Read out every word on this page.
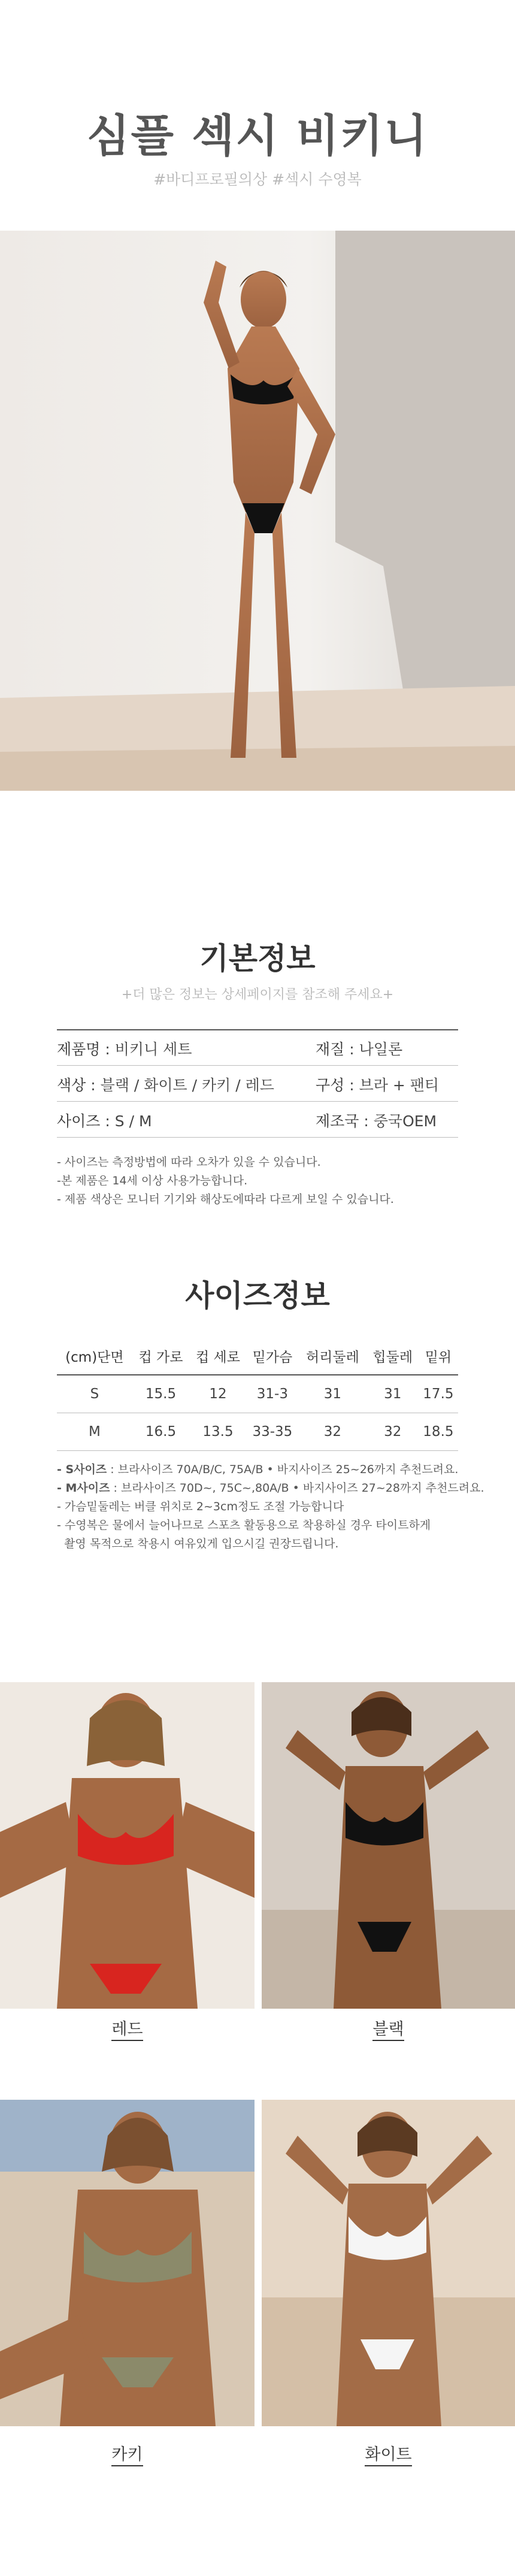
심플 섹시 비키니
#바디프로필의상 #섹시 수영복
기본정보
+더 많은 정보는 상세페이지를 참조해 주세요+
제품명 : 비키니 세트	재질 : 나일론
색상 : 블랙 / 화이트 / 카키 / 레드	구성 : 브라 + 팬티
사이즈 : S / M	제조국 : 중국OEM
- 사이즈는 측정방법에 따라 오차가 있을 수 있습니다.
-본 제품은 14세 이상 사용가능합니다.
- 제품 색상은 모니터 기기와 해상도에따라 다르게 보일 수 있습니다.
사이즈정보
(cm)단면	컵 가로	컵 세로	밑가슴	허리둘레	힙둘레	밑위
S	15.5	12	31-3	31	31	17.5
M	16.5	13.5	33-35	32	32	18.5
- S사이즈 : 브라사이즈 70A/B/C, 75A/B • 바지사이즈 25~26까지 추천드려요.
- M사이즈 : 브라사이즈 70D~, 75C~,80A/B • 바지사이즈 27~28까지 추천드려요.
- 가슴밑둘레는 버클 위치로 2~3cm정도 조절 가능합니다
- 수영복은 물에서 늘어나므로 스포츠 활동용으로 착용하실 경우 타이트하게
촬영 목적으로 착용시 여유있게 입으시길 권장드립니다.
레드	블랙
카키	화이트
